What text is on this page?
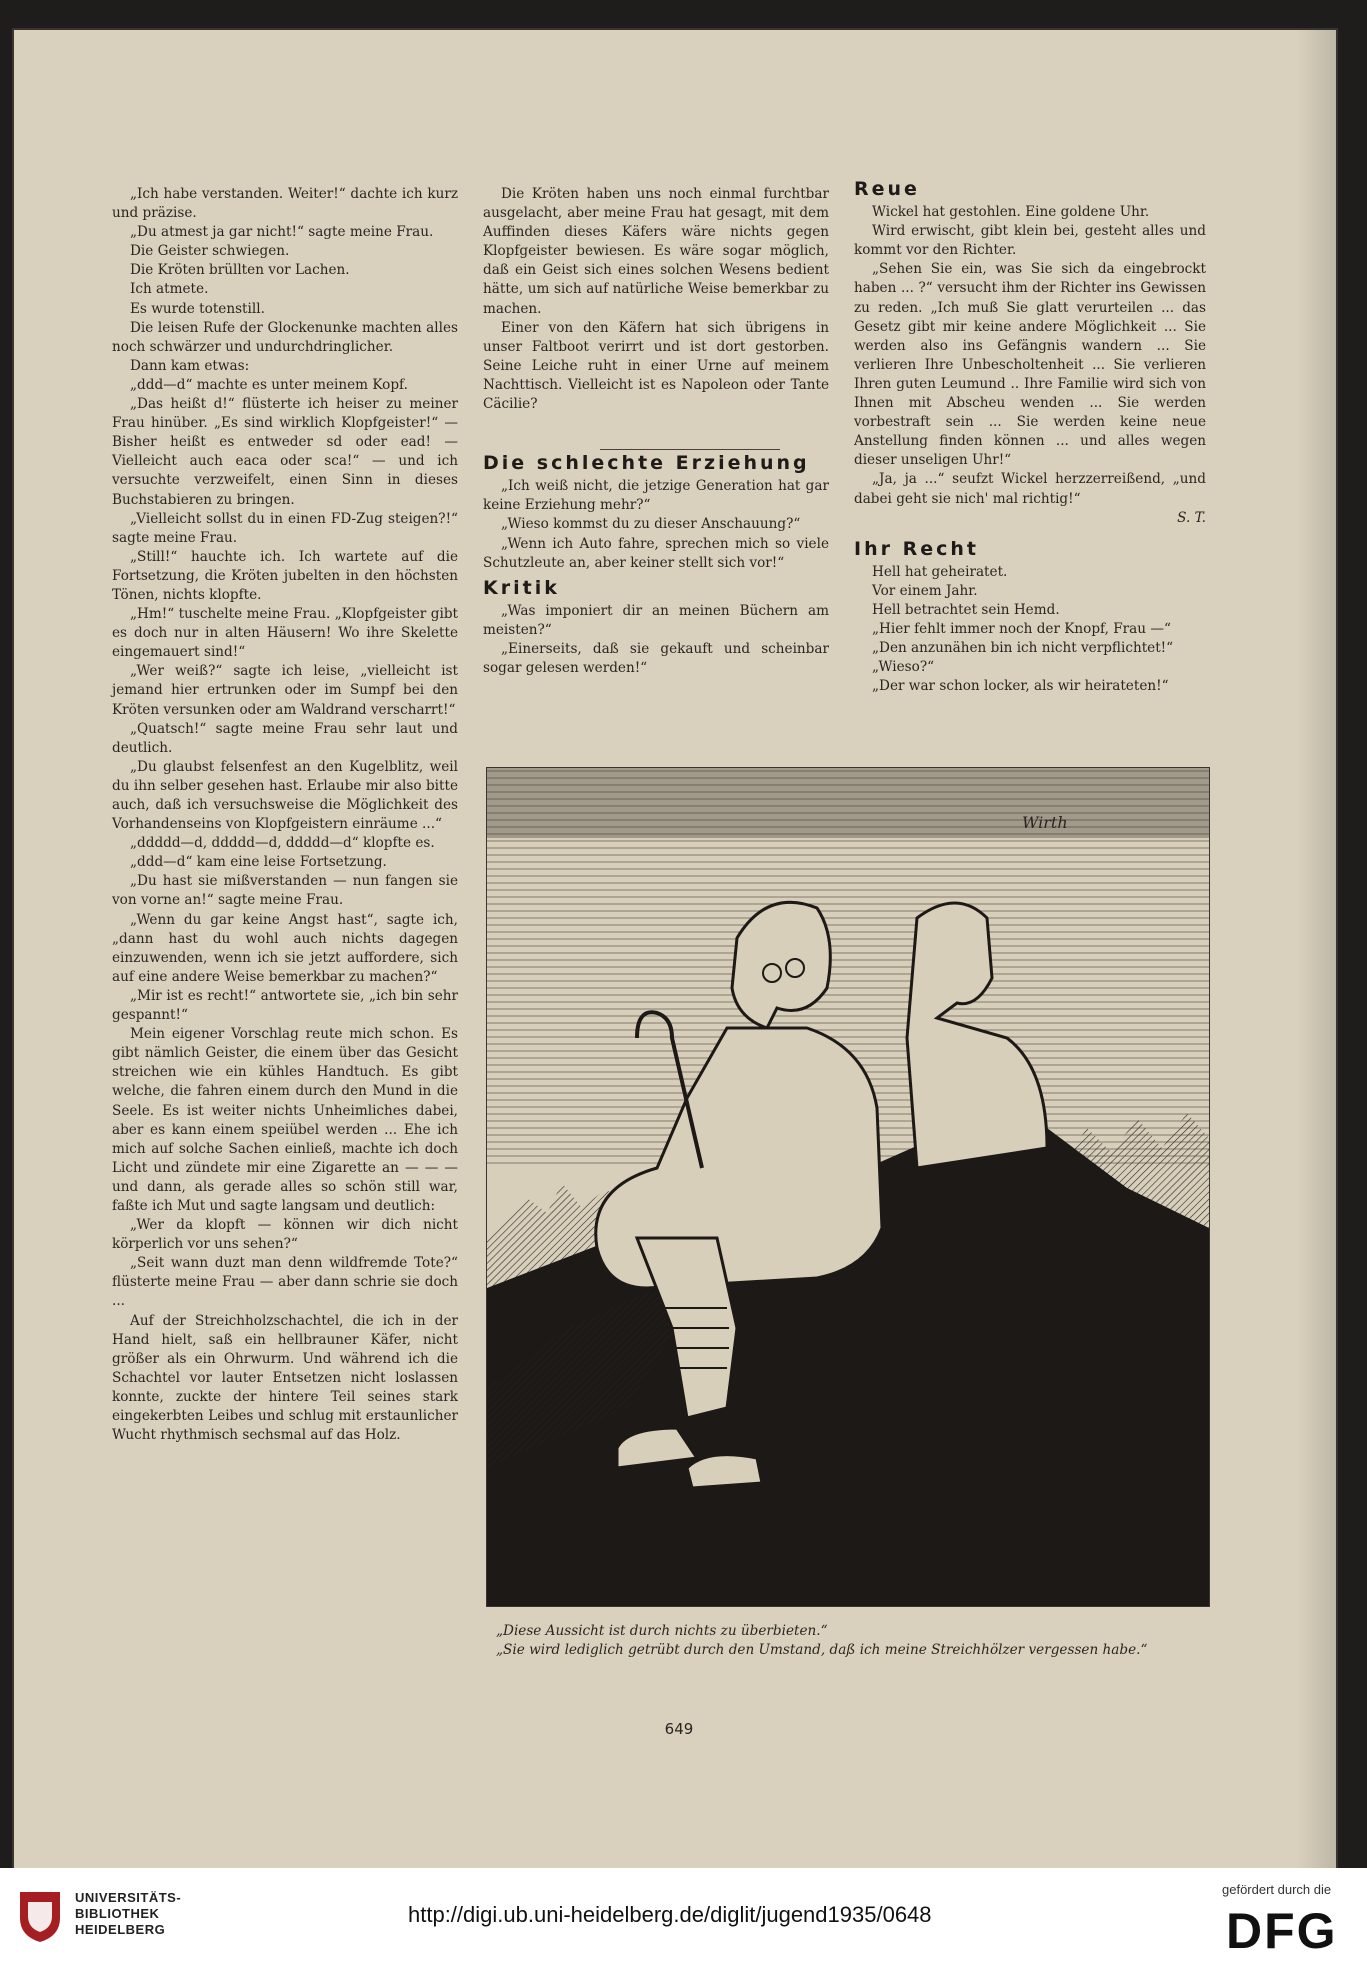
„Ich habe verstanden. Weiter!“ dachte ich kurz und präzise.

„Du atmest ja gar nicht!“ sagte meine Frau.

Die Geister schwiegen.

Die Kröten brüllten vor Lachen.

Ich atmete.

Es wurde totenstill.

Die leisen Rufe der Glockenunke machten alles noch schwärzer und undurchdringlicher.

Dann kam etwas:

„ddd—d“ machte es unter meinem Kopf.

„Das heißt d!“ flüsterte ich heiser zu meiner Frau hinüber. „Es sind wirklich Klopfgeister!“ — Bisher heißt es entweder sd oder ead! — Vielleicht auch eaca oder sca!“ — und ich versuchte verzweifelt, einen Sinn in dieses Buchstabieren zu bringen.

„Vielleicht sollst du in einen FD-Zug steigen?!“ sagte meine Frau.

„Still!“ hauchte ich. Ich wartete auf die Fortsetzung, die Kröten jubelten in den höchsten Tönen, nichts klopfte.

„Hm!“ tuschelte meine Frau. „Klopfgeister gibt es doch nur in alten Häusern! Wo ihre Skelette eingemauert sind!“

„Wer weiß?“ sagte ich leise, „vielleicht ist jemand hier ertrunken oder im Sumpf bei den Kröten versunken oder am Waldrand verscharrt!“

„Quatsch!“ sagte meine Frau sehr laut und deutlich.

„Du glaubst felsenfest an den Kugelblitz, weil du ihn selber gesehen hast. Erlaube mir also bitte auch, daß ich versuchsweise die Möglichkeit des Vorhandenseins von Klopfgeistern einräume ...“

„ddddd—d, ddddd—d, ddddd—d“ klopfte es.

„ddd—d“ kam eine leise Fortsetzung.

„Du hast sie mißverstanden — nun fangen sie von vorne an!“ sagte meine Frau.

„Wenn du gar keine Angst hast“, sagte ich, „dann hast du wohl auch nichts dagegen einzuwenden, wenn ich sie jetzt auffordere, sich auf eine andere Weise bemerkbar zu machen?“

„Mir ist es recht!“ antwortete sie, „ich bin sehr gespannt!“

Mein eigener Vorschlag reute mich schon. Es gibt nämlich Geister, die einem über das Gesicht streichen wie ein kühles Handtuch. Es gibt welche, die fahren einem durch den Mund in die Seele. Es ist weiter nichts Unheimliches dabei, aber es kann einem speiübel werden ... Ehe ich mich auf solche Sachen einließ, machte ich doch Licht und zündete mir eine Zigarette an — — — und dann, als gerade alles so schön still war, faßte ich Mut und sagte langsam und deutlich:

„Wer da klopft — können wir dich nicht körperlich vor uns sehen?“

„Seit wann duzt man denn wildfremde Tote?“ flüsterte meine Frau — aber dann schrie sie doch ...

Auf der Streichholzschachtel, die ich in der Hand hielt, saß ein hellbrauner Käfer, nicht größer als ein Ohrwurm. Und während ich die Schachtel vor lauter Entsetzen nicht loslassen konnte, zuckte der hintere Teil seines stark eingekerbten Leibes und schlug mit erstaunlicher Wucht rhythmisch sechsmal auf das Holz.

Die Kröten haben uns noch einmal furchtbar ausgelacht, aber meine Frau hat gesagt, mit dem Auffinden dieses Käfers wäre nichts gegen Klopfgeister bewiesen. Es wäre sogar möglich, daß ein Geist sich eines solchen Wesens bedient hätte, um sich auf natürliche Weise bemerkbar zu machen.

Einer von den Käfern hat sich übrigens in unser Faltboot verirrt und ist dort gestorben. Seine Leiche ruht in einer Urne auf meinem Nachttisch. Vielleicht ist es Napoleon oder Tante Cäcilie?

Die schlechte Erziehung

„Ich weiß nicht, die jetzige Generation hat gar keine Erziehung mehr?“

„Wieso kommst du zu dieser Anschauung?“

„Wenn ich Auto fahre, sprechen mich so viele Schutzleute an, aber keiner stellt sich vor!“

Kritik

„Was imponiert dir an meinen Büchern am meisten?“

„Einerseits, daß sie gekauft und scheinbar sogar gelesen werden!“

Reue

Wickel hat gestohlen. Eine goldene Uhr.

Wird erwischt, gibt klein bei, gesteht alles und kommt vor den Richter.

„Sehen Sie ein, was Sie sich da eingebrockt haben ... ?“ versucht ihm der Richter ins Gewissen zu reden. „Ich muß Sie glatt verurteilen ... das Gesetz gibt mir keine andere Möglichkeit ... Sie werden also ins Gefängnis wandern ... Sie verlieren Ihre Unbescholtenheit ... Sie verlieren Ihren guten Leumund .. Ihre Familie wird sich von Ihnen mit Abscheu wenden ... Sie werden vorbestraft sein ... Sie werden keine neue Anstellung finden können ... und alles wegen dieser unseligen Uhr!“

„Ja, ja ...“ seufzt Wickel herzzerreißend, „und dabei geht sie nich' mal richtig!“

S. T.
Ihr Recht

Hell hat geheiratet.

Vor einem Jahr.

Hell betrachtet sein Hemd.

„Hier fehlt immer noch der Knopf, Frau —“

„Den anzunähen bin ich nicht verpflichtet!“

„Wieso?“

„Der war schon locker, als wir heirateten!“

Wirth

„Diese Aussicht ist durch nichts zu überbieten.“

„Sie wird lediglich getrübt durch den Umstand, daß ich meine Streichhölzer vergessen habe.“

649
UNIVERSITÄTS-
BIBLIOTHEK
HEIDELBERG
http://digi.ub.uni-heidelberg.de/diglit/jugend1935/0648
gefördert durch die
DFG
